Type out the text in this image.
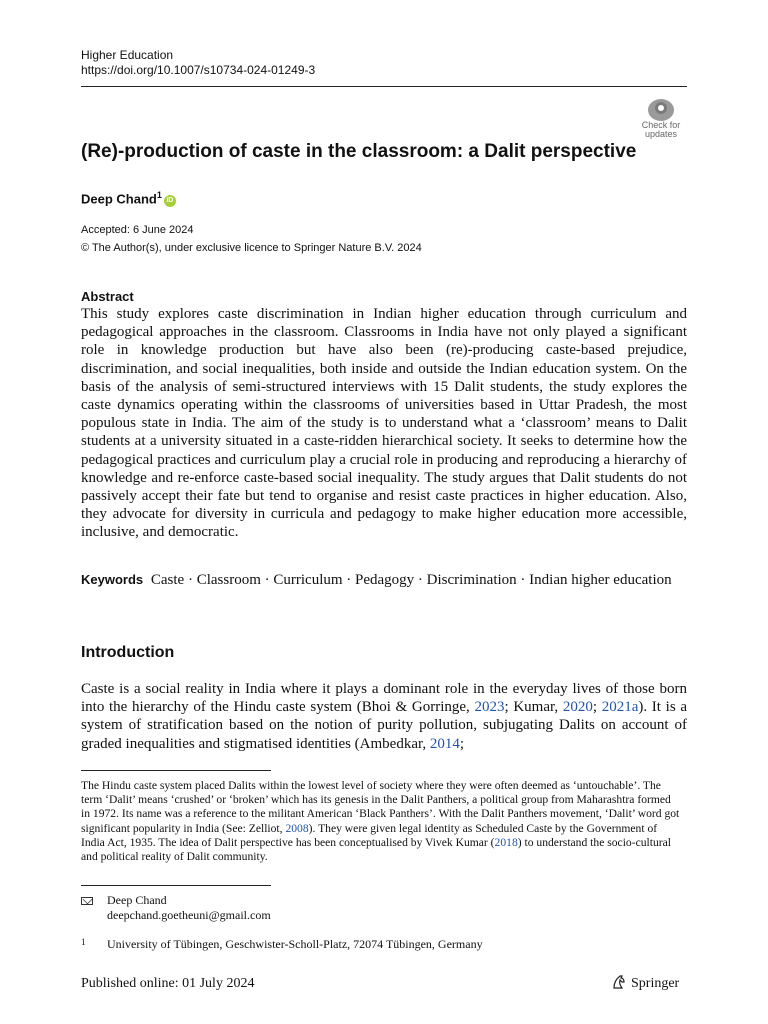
Higher Education
https://doi.org/10.1007/s10734-024-01249-3
Check for
updates
(Re)-production of caste in the classroom: a Dalit perspective
Deep Chand$^1$iD
Accepted: 6 June 2024
© The Author(s), under exclusive licence to Springer Nature B.V. 2024
Abstract
This study explores caste discrimination in Indian higher education through curriculum and pedagogical approaches in the classroom. Classrooms in India have not only played a significant role in knowledge production but have also been (re)-producing caste-based prejudice, discrimination, and social inequalities, both inside and outside the Indian education system. On the basis of the analysis of semi-structured interviews with 15 Dalit students, the study explores the caste dynamics operating within the classrooms of universities based in Uttar Pradesh, the most populous state in India. The aim of the study is to understand what a ‘classroom’ means to Dalit students at a university situated in a caste-ridden hierarchical society. It seeks to determine how the pedagogical practices and curriculum play a crucial role in producing and reproducing a hierarchy of knowledge and re-enforce caste-based social inequality. The study argues that Dalit students do not passively accept their fate but tend to organise and resist caste practices in higher education. Also, they advocate for diversity in curricula and pedagogy to make higher education more accessible, inclusive, and democratic.
Keywords Caste · Classroom · Curriculum · Pedagogy · Discrimination · Indian higher education
Introduction
Caste is a social reality in India where it plays a dominant role in the everyday lives of those born into the hierarchy of the Hindu caste system (Bhoi & Gorringe, 2023; Kumar, 2020; 2021a). It is a system of stratification based on the notion of purity pollution, subjugating Dalits on account of graded inequalities and stigmatised identities (Ambedkar, 2014;
The Hindu caste system placed Dalits within the lowest level of society where they were often deemed as ‘untouchable’. The term ‘Dalit’ means ‘crushed’ or ‘broken’ which has its genesis in the Dalit Panthers, a political group from Maharashtra formed in 1972. Its name was a reference to the militant American ‘Black Panthers’. With the Dalit Panthers movement, ‘Dalit’ word got significant popularity in India (See: Zelliot, 2008). They were given legal identity as Scheduled Caste by the Government of India Act, 1935. The idea of Dalit perspective has been conceptualised by Vivek Kumar (2018) to understand the socio-cultural and political reality of Dalit community.
Deep Chand
deepchand.goetheuni@gmail.com
1 University of Tübingen, Geschwister-Scholl-Platz, 72074 Tübingen, Germany
Published online: 01 July 2024	Springer
